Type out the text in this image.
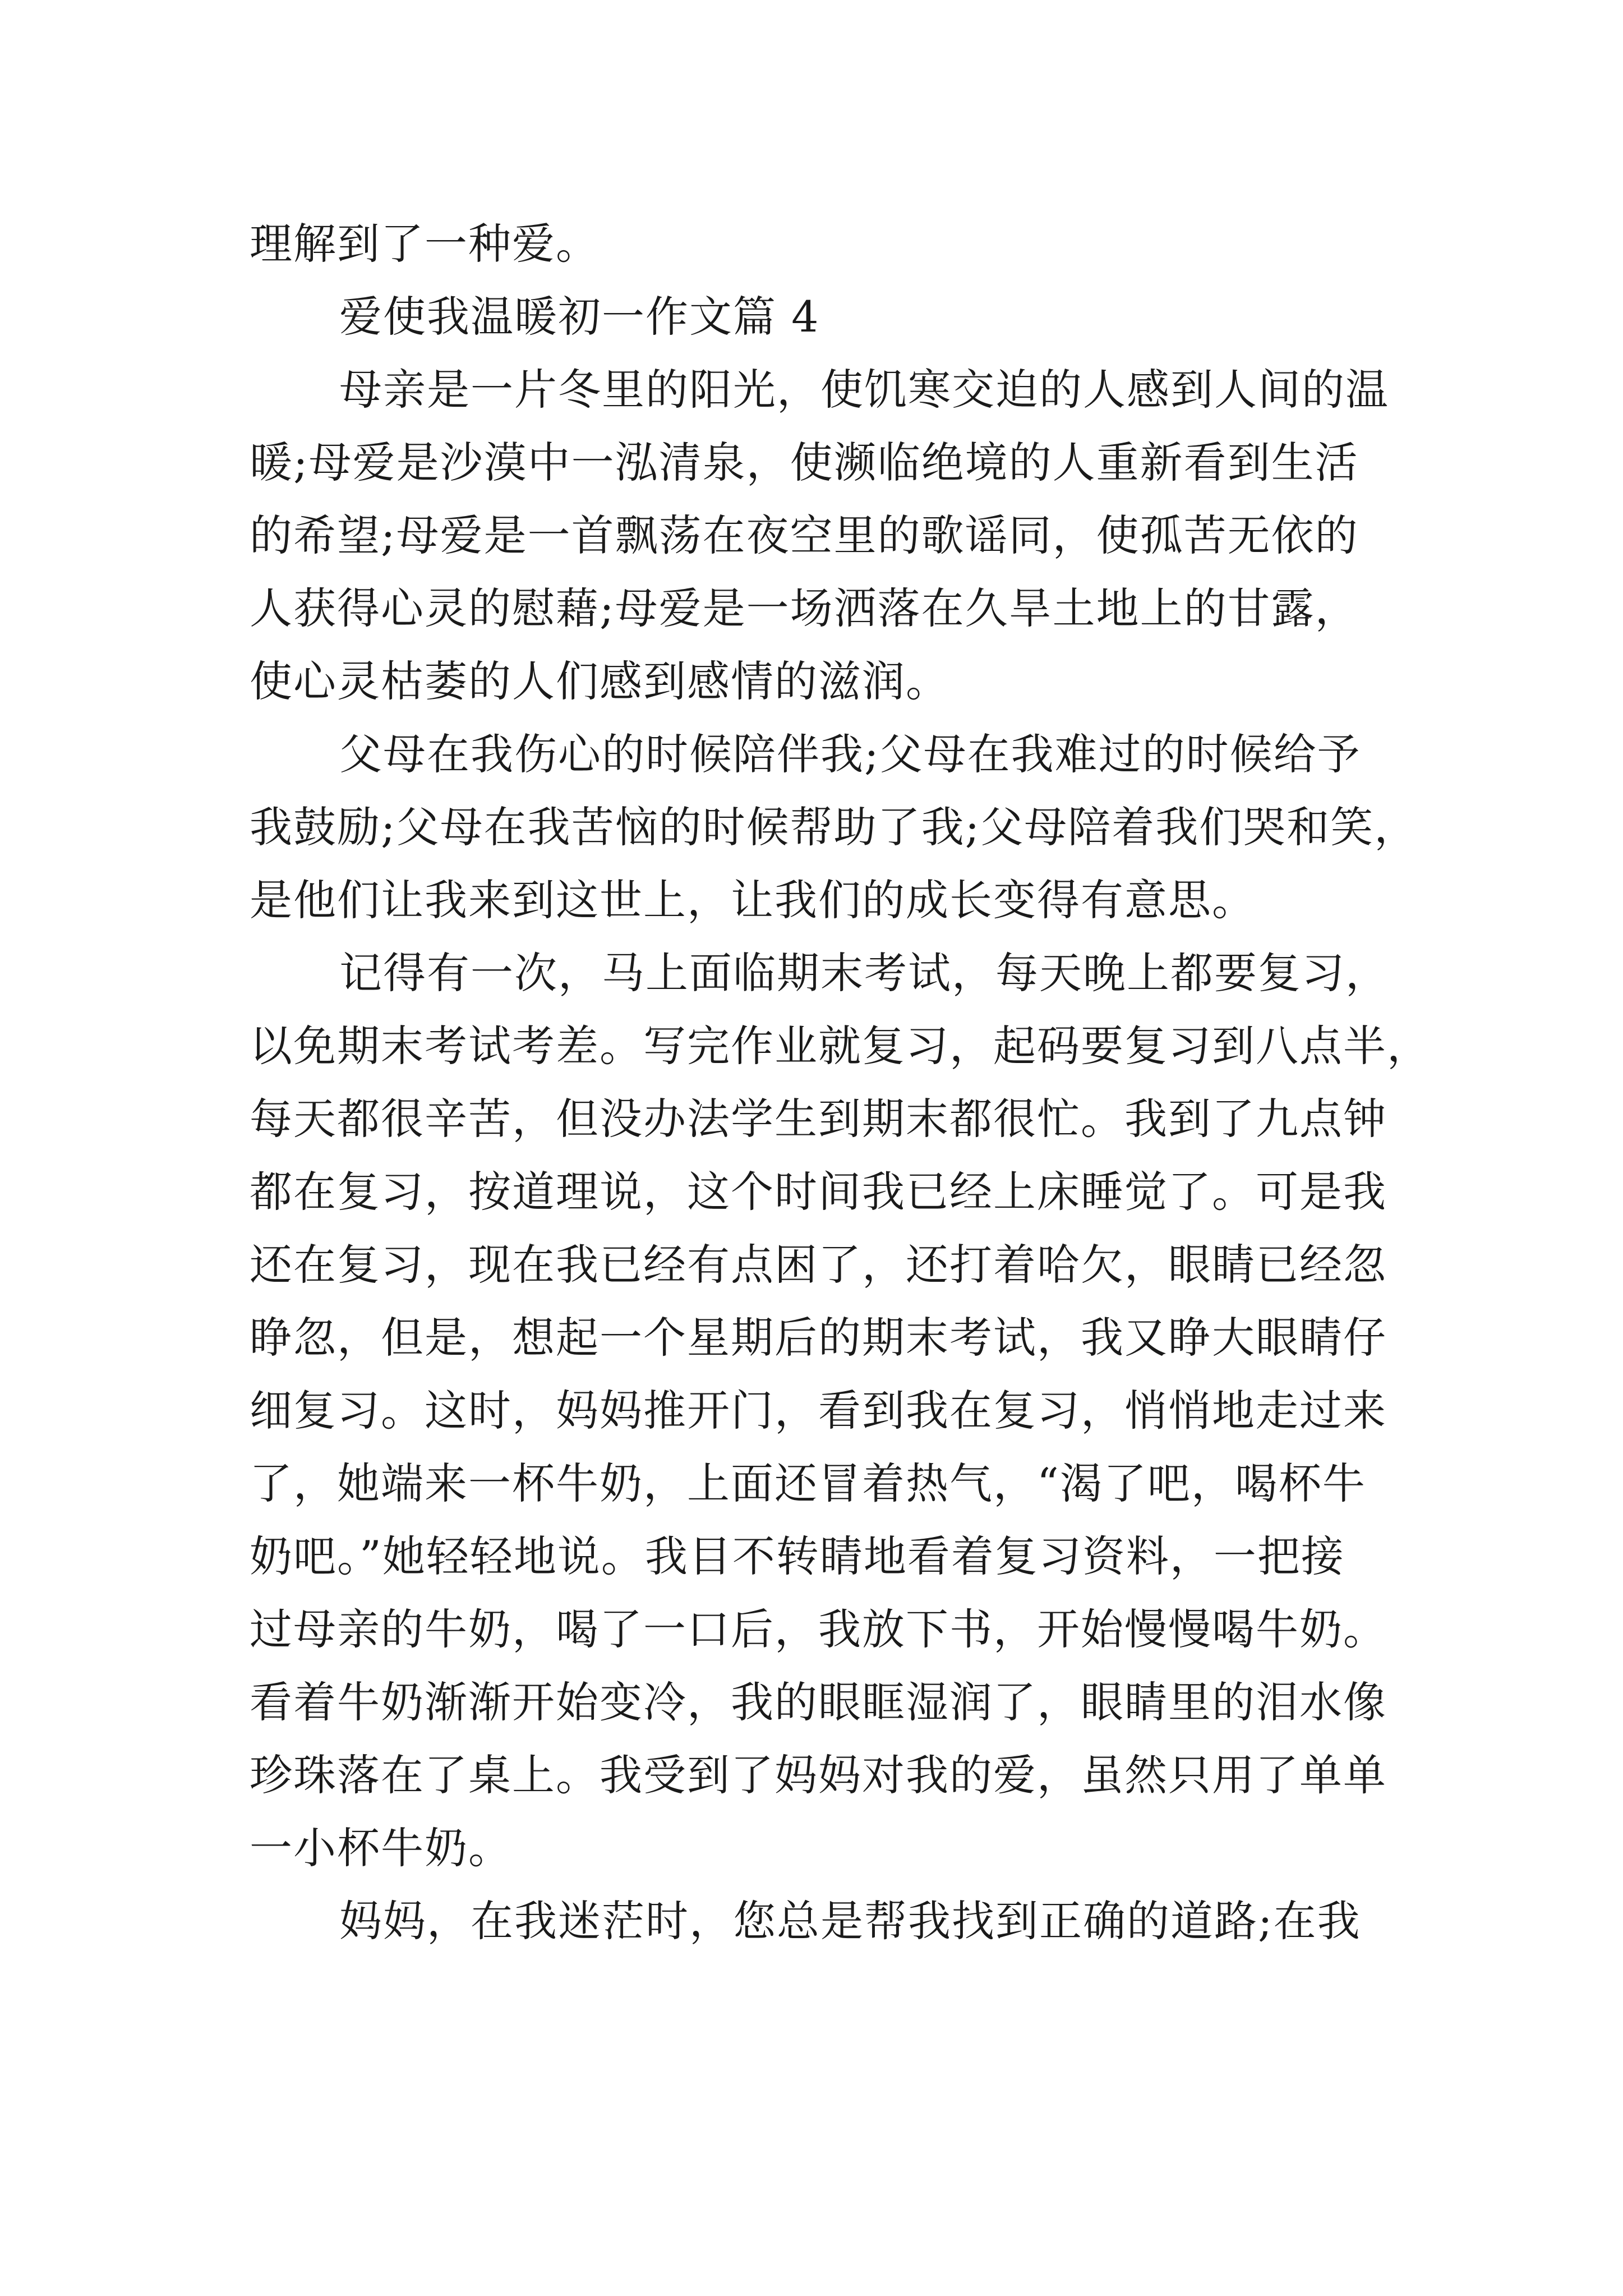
理解到了一种爱。
爱使我温暖初一作文篇 4
母亲是一片冬里的阳光，使饥寒交迫的人感到人间的温
暖;母爱是沙漠中一泓清泉，使濒临绝境的人重新看到生活
的希望;母爱是一首飘荡在夜空里的歌谣同，使孤苦无依的
人获得心灵的慰藉;母爱是一场洒落在久旱土地上的甘露，
使心灵枯萎的人们感到感情的滋润。
父母在我伤心的时候陪伴我;父母在我难过的时候给予
我鼓励;父母在我苦恼的时候帮助了我;父母陪着我们哭和笑，
是他们让我来到这世上，让我们的成长变得有意思。
记得有一次，马上面临期末考试，每天晚上都要复习，
以免期末考试考差。写完作业就复习，起码要复习到八点半，
每天都很辛苦，但没办法学生到期末都很忙。我到了九点钟
都在复习，按道理说，这个时间我已经上床睡觉了。可是我
还在复习，现在我已经有点困了，还打着哈欠，眼睛已经忽
睁忽，但是，想起一个星期后的期末考试，我又睁大眼睛仔
细复习。这时，妈妈推开门，看到我在复习，悄悄地走过来
了，她端来一杯牛奶，上面还冒着热气，“渴了吧，喝杯牛
奶吧。”她轻轻地说。我目不转睛地看着复习资料，一把接
过母亲的牛奶，喝了一口后，我放下书，开始慢慢喝牛奶。
看着牛奶渐渐开始变冷，我的眼眶湿润了，眼睛里的泪水像
珍珠落在了桌上。我受到了妈妈对我的爱，虽然只用了单单
一小杯牛奶。
妈妈，在我迷茫时，您总是帮我找到正确的道路;在我
